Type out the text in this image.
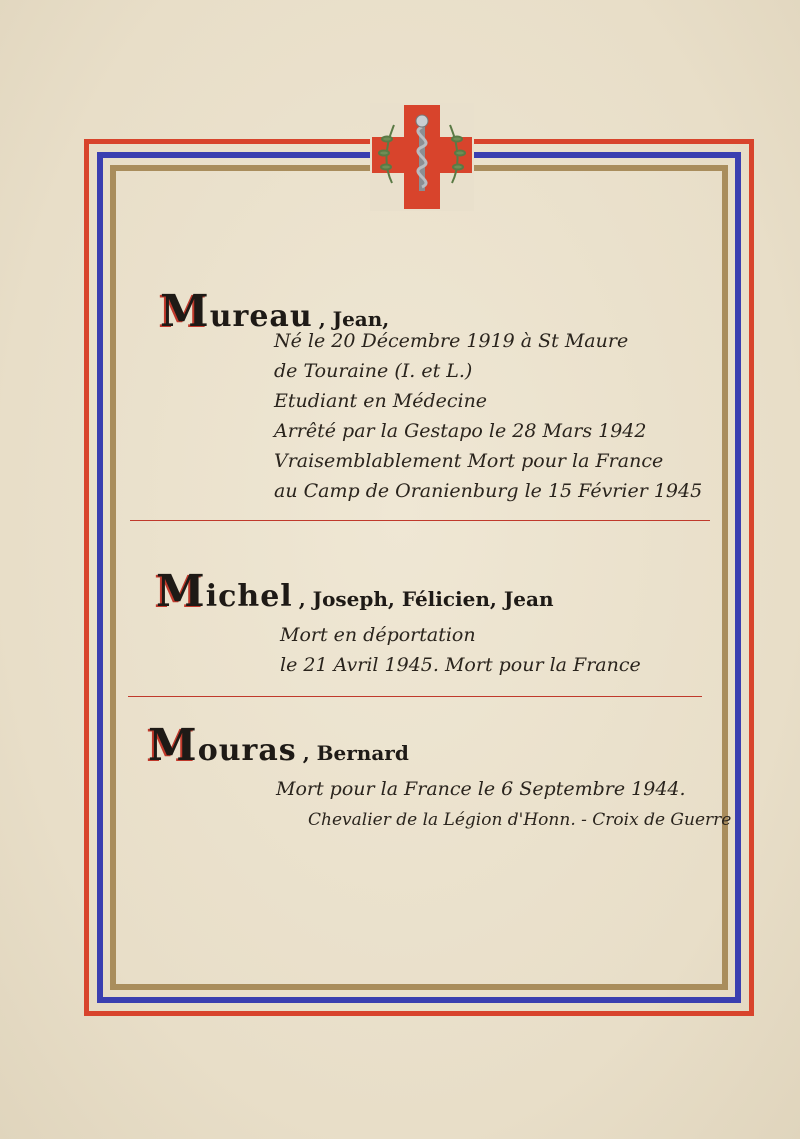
Mureau , Jean,
Né le 20 Décembre 1919 à St Maure
de Touraine (I. et L.)
Etudiant en Médecine
Arrêté par la Gestapo le 28 Mars 1942
Vraisemblablement Mort pour la France
au Camp de Oranienburg le 15 Février 1945
Michel , Joseph, Félicien, Jean
Mort en déportation
le 21 Avril 1945. Mort pour la France
Mouras , Bernard
Mort pour la France le 6 Septembre 1944.
Chevalier de la Légion d'Honn. - Croix de Guerre
